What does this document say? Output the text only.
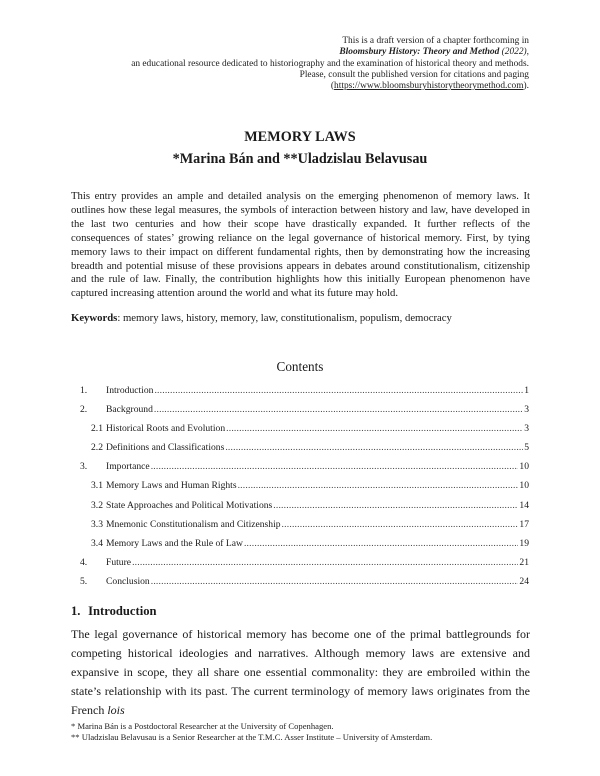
This is a draft version of a chapter forthcoming in
Bloomsbury History: Theory and Method (2022),
an educational resource dedicated to historiography and the examination of historical theory and methods.
Please, consult the published version for citations and paging
(https://www.bloomsburyhistorytheorymethod.com).
MEMORY LAWS
*Marina Bán and **Uladzislau Belavusau

This entry provides an ample and detailed analysis on the emerging phenomenon of memory laws. It outlines how these legal measures, the symbols of interaction between history and law, have developed in the last two centuries and how their scope have drastically expanded. It further reflects of the consequences of states’ growing reliance on the legal governance of historical memory. First, by tying memory laws to their impact on different fundamental rights, then by demonstrating how the increasing breadth and potential misuse of these provisions appears in debates around constitutionalism, citizenship and the rule of law. Finally, the contribution highlights how this initially European phenomenon have captured increasing attention around the world and what its future may hold.

Keywords: memory laws, history, memory, law, constitutionalism, populism, democracy

Contents
1.	Introduction .....	1
2.	Background .....	3
2.1 Historical Roots and Evolution .....	3
2.2 Definitions and Classifications .....	5
3.	Importance .....	10
3.1 Memory Laws and Human Rights .....	10
3.2 State Approaches and Political Motivations .....	14
3.3 Mnemonic Constitutionalism and Citizenship .....	17
3.4 Memory Laws and the Rule of Law .....	19
4.	Future .....	21
5.	Conclusion .....	24
1. Introduction

The legal governance of historical memory has become one of the primal battlegrounds for competing historical ideologies and narratives. Although memory laws are extensive and expansive in scope, they all share one essential commonality: they are embroiled within the state’s relationship with its past. The current terminology of memory laws originates from the French lois

* Marina Bán is a Postdoctoral Researcher at the University of Copenhagen.
** Uladzislau Belavusau is a Senior Researcher at the T.M.C. Asser Institute – University of Amsterdam.
